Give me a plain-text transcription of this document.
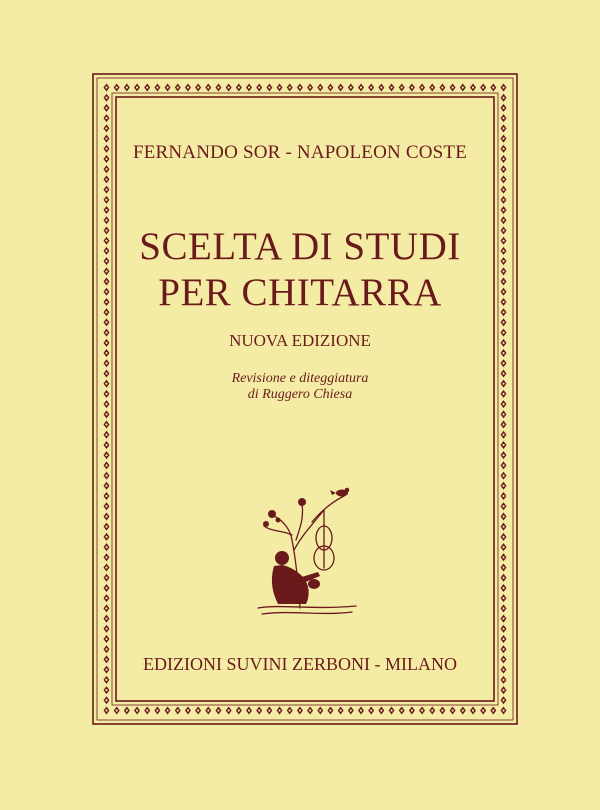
FERNANDO SOR - NAPOLEON COSTE
SCELTA DI STUDI
PER CHITARRA
NUOVA EDIZIONE
Revisione e diteggiatura
di Ruggero Chiesa
EDIZIONI SUVINI ZERBONI - MILANO
